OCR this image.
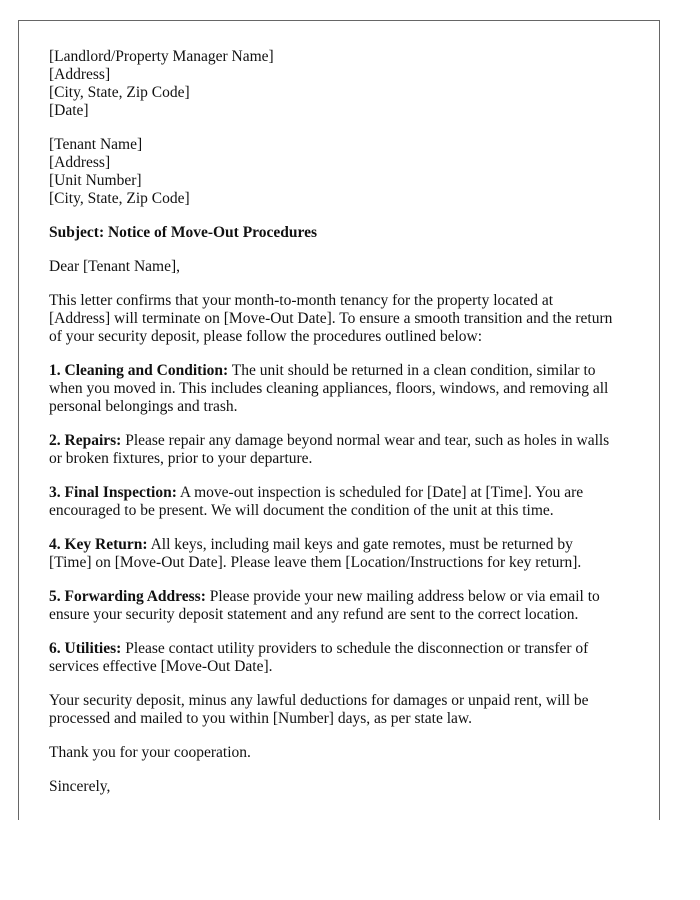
[Landlord/Property Manager Name]
[Address]
[City, State, Zip Code]
[Date]
[Tenant Name]
[Address]
[Unit Number]
[City, State, Zip Code]
Subject: Notice of Move-Out Procedures
Dear [Tenant Name],
This letter confirms that your month-to-month tenancy for the property located at
[Address] will terminate on [Move-Out Date]. To ensure a smooth transition and the return
of your security deposit, please follow the procedures outlined below:
1. Cleaning and Condition: The unit should be returned in a clean condition, similar to
when you moved in. This includes cleaning appliances, floors, windows, and removing all
personal belongings and trash.
2. Repairs: Please repair any damage beyond normal wear and tear, such as holes in walls
or broken fixtures, prior to your departure.
3. Final Inspection: A move-out inspection is scheduled for [Date] at [Time]. You are
encouraged to be present. We will document the condition of the unit at this time.
4. Key Return: All keys, including mail keys and gate remotes, must be returned by
[Time] on [Move-Out Date]. Please leave them [Location/Instructions for key return].
5. Forwarding Address: Please provide your new mailing address below or via email to
ensure your security deposit statement and any refund are sent to the correct location.
6. Utilities: Please contact utility providers to schedule the disconnection or transfer of
services effective [Move-Out Date].
Your security deposit, minus any lawful deductions for damages or unpaid rent, will be
processed and mailed to you within [Number] days, as per state law.
Thank you for your cooperation.
Sincerely,
